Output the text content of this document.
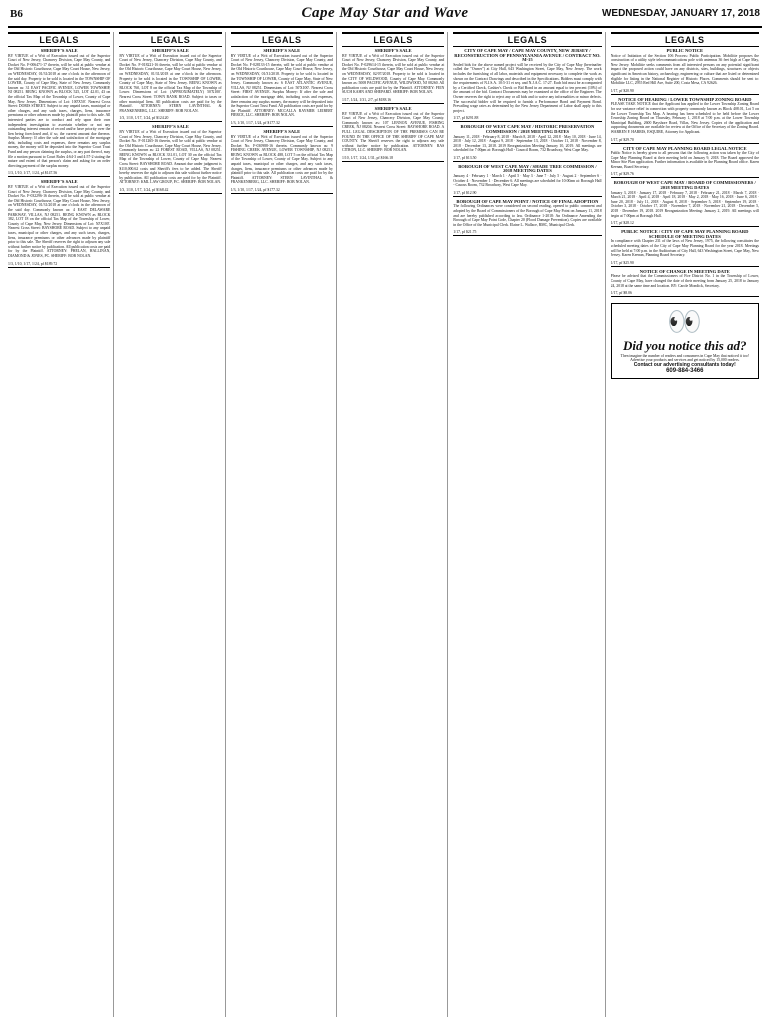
B6	Cape May Star and Wave	WEDNESDAY, JANUARY 17, 2018
LEGALS
SHERIFF'S SALE
BY VIRTUE of a Writ of Execution issued out of the Superior Court of New Jersey, Chancery Division, Cape May County, and Docket No. F-006471-17 therein, will be sold at public vendue at the Old Historic Courthouse, Cape May Court House, New Jersey, on WEDNESDAY, 01/31/2018 at one o'clock in the afternoon of the said day. Property to be sold is located in the TOWNSHIP OF LOWER, County of Cape May, State of New Jersey. Commonly known as: 31 EAST PACIFIC AVENUE, LOWER TOWNSHIP, NJ 08251. BEING KNOWN as BLOCK 525, LOT 42.01, 43 on the official Tax Map of the Township of Lower, County of Cape May, New Jersey. Dimensions of Lot: 100'X50'. Nearest Cross Street: DORIS STREET. Subject to any unpaid taxes, municipal or other charges, and any such taxes, charges, liens, insurance premiums or other advances made by plaintiff prior to this sale. All interested parties are to conduct and rely upon their own independent investigation to ascertain whether or not any outstanding interest remain of record and/or have priority over the lien being foreclosed and, if so, the current amount due thereon. Surplus Money: If after the sale and satisfaction of the mortgage debt, including costs and expenses, there remains any surplus money, the money will be deposited into the Superior Court Trust Fund and any person claiming the surplus, or any part thereof, may file a motion pursuant to Court Rules 4:64-3 and 4:57-2 stating the nature and extent of that person's claim and asking for an order directing payment of the surplus money.
1/3, 1/10, 1/17, 1/24, pf $147.56
SHERIFF'S SALE
BY VIRTUE of a Writ of Execution issued out of the Superior Court of New Jersey, Chancery Division, Cape May County, and Docket No. F-032296-16 therein, will be sold at public vendue at the Old Historic Courthouse, Cape May Court House, New Jersey, on WEDNESDAY, 01/31/2018 at one o'clock in the afternoon of the said day. Commonly known as: 4 EAST DELAWARE PARKWAY, VILLAS, NJ 08251. BEING KNOWN as BLOCK 382, LOT 18 on the official Tax Map of the Township of Lower, County of Cape May, New Jersey. Dimensions of Lot: 50'X100'. Nearest Cross Street: BAYSHORE ROAD. Subject to any unpaid taxes, municipal or other charges, and any such taxes, charges, liens, insurance premiums or other advances made by plaintiff prior to this sale. The Sheriff reserves the right to adjourn any sale without further notice by publication. All publication costs are paid for by the Plaintiff. ATTORNEY: PHELAN, HALLINAN, DIAMOND & JONES, PC. SHERIFF: BOB NOLAN.
1/3, 1/10, 1/17, 1/24, pf $189.72
LEGALS
SHERIFF'S SALE
BY VIRTUE of a Writ of Execution issued out of the Superior Court of New Jersey, Chancery Division, Cape May County, and Docket No. F-018221-16 therein, will be sold at public vendue at the Old Historic Courthouse, Cape May Court House, New Jersey, on WEDNESDAY, 01/31/2018 at one o'clock in the afternoon. Property to be sold is located in the TOWNSHIP OF LOWER, County of Cape May, State of New Jersey. BEING KNOWN as BLOCK 760, LOT 8 on the official Tax Map of the Township of Lower. Dimensions of Lot: (APPROXIMATELY) 50'X100'. Nearest Cross Street: TOWN BANK ROAD. Subject to taxes or other municipal liens. All publication costs are paid for by the Plaintiff. ATTORNEY: STERN LAVINTHAL & FRANKENBERG, LLC. SHERIFF: BOB NOLAN.
1/3, 1/10, 1/17, 1/24, pf $124.20
SHERIFF'S SALE
BY VIRTUE of a Writ of Execution issued out of the Superior Court of New Jersey, Chancery Division, Cape May County, and Docket No. F-011265-16 therein, will be sold at public vendue at the Old Historic Courthouse, Cape May Court House, New Jersey. Commonly known as: 22 FOREST ROAD, VILLAS, NJ 08251. BEING KNOWN as BLOCK 331.01, LOT 30 on the official Tax Map of the Township of Lower, County of Cape May. Nearest Cross Street: BAYSHORE ROAD. Amount due under judgment is $110,000.62 costs and Sheriff's fees to be added. The Sheriff hereby reserves the right to adjourn this sale without further notice by publication. All publication costs are paid for by the Plaintiff. ATTORNEY: KML LAW GROUP, P.C. SHERIFF: BOB NOLAN.
1/3, 1/10, 1/17, 1/24, pf $168.42
LEGALS
SHERIFF'S SALE
BY VIRTUE of a Writ of Execution issued out of the Superior Court of New Jersey, Chancery Division, Cape May County, and Docket No. F-028133-15 therein, will be sold at public vendue at the Old Historic Courthouse, Cape May Court House, New Jersey, on WEDNESDAY, 01/31/2018. Property to be sold is located in the TOWNSHIP OF LOWER, County of Cape May, State of New Jersey. Commonly known as: 6 EAST ATLANTIC AVENUE, VILLAS, NJ 08251. Dimensions of Lot: 50'X100'. Nearest Cross Street: FIRST AVENUE. Surplus Money: If after the sale and satisfaction of the mortgage debt, including costs and expenses, there remains any surplus money, the money will be deposited into the Superior Court Trust Fund. All publication costs are paid for by the Plaintiff. ATTORNEY: MCCALLA RAYMER LEIBERT PIERCE, LLC. SHERIFF: BOB NOLAN.
1/3, 1/10, 1/17, 1/24, pf $177.32
SHERIFF'S SALE
BY VIRTUE of a Writ of Execution issued out of the Superior Court of New Jersey, Chancery Division, Cape May County, and Docket No. F-030988-16 therein. Commonly known as: 9 FISHING CREEK AVENUE, LOWER TOWNSHIP, NJ 08251. BEING KNOWN as BLOCK 488, LOT 5 on the official Tax Map of the Township of Lower, County of Cape May. Subject to any unpaid taxes, municipal or other charges, and any such taxes, charges, liens, insurance premiums or other advances made by plaintiff prior to this sale. All publication costs are paid for by the Plaintiff. ATTORNEY: STERN LAVINTHAL & FRANKENBERG, LLC. SHERIFF: BOB NOLAN.
1/3, 1/10, 1/17, 1/24, pf $177.32
LEGALS
SHERIFF'S SALE
BY VIRTUE of a Writ of Execution issued out of the Superior Court of New Jersey, Chancery Division, Cape May County, and Docket No. F-029614-15 therein, will be sold at public vendue at the Old Historic Courthouse, Cape May Court House, New Jersey, on WEDNESDAY, 02/07/2018. Property to be sold is located in the CITY OF WILDWOOD, County of Cape May. Commonly known as: 5008 PACIFIC AVENUE, WILDWOOD, NJ 08260. All publication costs are paid for by the Plaintiff. ATTORNEY: FEIN SUCH KAHN AND SHEPARD. SHERIFF: BOB NOLAN.
1/17, 1/24, 1/31, 2/7, pf $188.16
SHERIFF'S SALE
BY VIRTUE of a Writ of Execution issued out of the Superior Court of New Jersey, Chancery Division, Cape May County. Commonly known as: 107 LENNOX AVENUE, FISHING CREEK, NJ 08204. Nearest Cross Street: BAYSHORE ROAD. A FULL LEGAL DESCRIPTION OF THE PREMISES CAN BE FOUND IN THE OFFICE OF THE SHERIFF OF CAPE MAY COUNTY. The Sheriff reserves the right to adjourn any sale without further notice by publication. ATTORNEY: RAS CITRON, LLC. SHERIFF: BOB NOLAN.
1/10, 1/17, 1/24, 1/31, pf $166.18
LEGALS
CITY OF CAPE MAY / CAPE MAY COUNTY, NEW JERSEY / RECONSTRUCTION OF PENNSYLVANIA AVENUE / CONTRACT NO. M-15
Sealed bids for the above named project will be received by the City of Cape May (hereinafter called the "Owner") at City Hall, 643 Washington Street, Cape May, New Jersey. The work includes the furnishing of all labor, materials and equipment necessary to complete the work as shown on the Contract Drawings and described in the Specifications. Bidders must comply with the requirements of N.J.S.A. 10:5-31 et seq. and N.J.A.C. 17:27. Each bid must be accompanied by a Certified Check, Cashier's Check or Bid Bond in an amount equal to ten percent (10%) of the amount of the bid. Contract Documents may be examined at the office of the Engineer. The Owner reserves the right to reject any or all bids and to waive any informalities or minor defects. The successful bidder will be required to furnish a Performance Bond and Payment Bond. Prevailing wage rates as determined by the New Jersey Department of Labor shall apply to this project.
1/17, pf $291.88
BOROUGH OF WEST CAPE MAY / HISTORIC PRESERVATION COMMISSION / 2018 MEETING DATES
January 11, 2018 · February 8, 2018 · March 8, 2018 · April 12, 2018 · May 10, 2018 · June 14, 2018 · July 12, 2018 · August 9, 2018 · September 13, 2018 · October 11, 2018 · November 8, 2018 · December 13, 2018. 2019 Reorganization Meeting January 10, 2019. All meetings are scheduled for 7:00pm at: Borough Hall - Council Room, 732 Broadway, West Cape May.
1/17, pf $13.50
BOROUGH OF WEST CAPE MAY / SHADE TREE COMMISSION / 2018 MEETING DATES
January 4 · February 1 · March 1 · April 5 · May 3 · June 7 · July 5 · August 2 · September 6 · October 4 · November 1 · December 6. All meetings are scheduled for 10:00am at: Borough Hall - Caucus Room, 732 Broadway, West Cape May.
1/17, pf $12.90
BOROUGH OF CAPE MAY POINT / NOTICE OF FINAL ADOPTION
The following Ordinances were considered on second reading, opened to public comment and adopted by the Board of Commissioners of the Borough of Cape May Point on January 11, 2018 and are hereby published according to law. Ordinance 1-2018: An Ordinance Amending the Borough of Cape May Point Code, Chapter 20 (Flood Damage Prevention). Copies are available in the Office of the Municipal Clerk. Elaine L. Wallace, RMC, Municipal Clerk.
1/17, pf $21.75
LEGALS
PUBLIC NOTICE
Notice of Initiation of the Section 106 Process: Public Participation. Mobilitie proposes the construction of a utility style telecommunications pole with antennas 36 feet high at Cape May, New Jersey. Mobilitie seeks comments from all interested persons on any potential significant impact the proposed action could have on any districts, sites, buildings, structures or objects significant in American history, archaeology, engineering or culture that are listed or determined eligible for listing in the National Register of Historic Places. Comments should be sent to: Mobilitie LLC, 2955 Red Hill Ave, Suite 200, Costa Mesa, CA 92626.
1/17, pf $20.90
NOTICE OF HEARING / LOWER TOWNSHIP ZONING BOARD
PLEASE TAKE NOTICE that the Applicant has applied to the Lower Township Zoning Board for use variance relief in connection with property commonly known as Block 408.01, Lot 5 on the Lower Township Tax Map. A hearing has been scheduled to be held before the Lower Township Zoning Board on Thursday, February 1, 2018 at 7:00 p.m. at the Lower Township Municipal Building, 2600 Bayshore Road, Villas, New Jersey. Copies of the application and supporting documents are available for review at the Office of the Secretary of the Zoning Board. WARREN F. HARRIS, ESQUIRE, Attorney for Applicant.
1/17, pf $29.70
CITY OF CAPE MAY PLANNING BOARD LEGAL NOTICE
Public Notice is hereby given to all persons that the following action was taken by the City of Cape May Planning Board at their meeting held on January 9, 2018. The Board approved the Minor Site Plan application. Further information is available in the Planning Board office. Karen Keenan, Board Secretary.
1/17, pf $29.76
BOROUGH OF WEST CAPE MAY / BOARD OF COMMISSIONERS / 2018 MEETING DATES
January 3, 2018 · January 17, 2018 · February 7, 2018 · February 21, 2018 · March 7, 2018 · March 21, 2018 · April 4, 2018 · April 18, 2018 · May 2, 2018 · May 16, 2018 · June 6, 2018 · June 20, 2018 · July 11, 2018 · August 8, 2018 · September 5, 2018 · September 19, 2018 · October 3, 2018 · October 17, 2018 · November 7, 2018 · November 21, 2018 · December 5, 2018 · December 19, 2018. 2019 Reorganization Meeting: January 2, 2019. All meetings will begin at 7:00pm at Borough Hall.
1/17, pf $28.12
PUBLIC NOTICE / CITY OF CAPE MAY PLANNING BOARD SCHEDULE OF MEETING DATES
In compliance with Chapter 231 of the laws of New Jersey, 1975, the following constitutes the scheduled meeting dates of the City of Cape May Planning Board for the year 2018. Meetings will be held at 7:00 p.m. in the Auditorium of City Hall, 643 Washington Street, Cape May, New Jersey. Karen Keenan, Planning Board Secretary.
1/17, pf $25.90
NOTICE OF CHANGE IN MEETING DATE
Please be advised that the Commissioners of Fire District No. 1 in the Township of Lower, County of Cape May, have changed the date of their meeting from January 25, 2018 to January 24, 2018 at the same time and location. BY: Carole Mondick, Secretary.
1/17, pf $8.06
👀
Did you notice this ad?
Then imagine the number of readers and consumers in Cape May that noticed it too! Advertise your products and services and get noticed by 15,000 readers.
Contact our advertising consultants today!
609-884-3466
